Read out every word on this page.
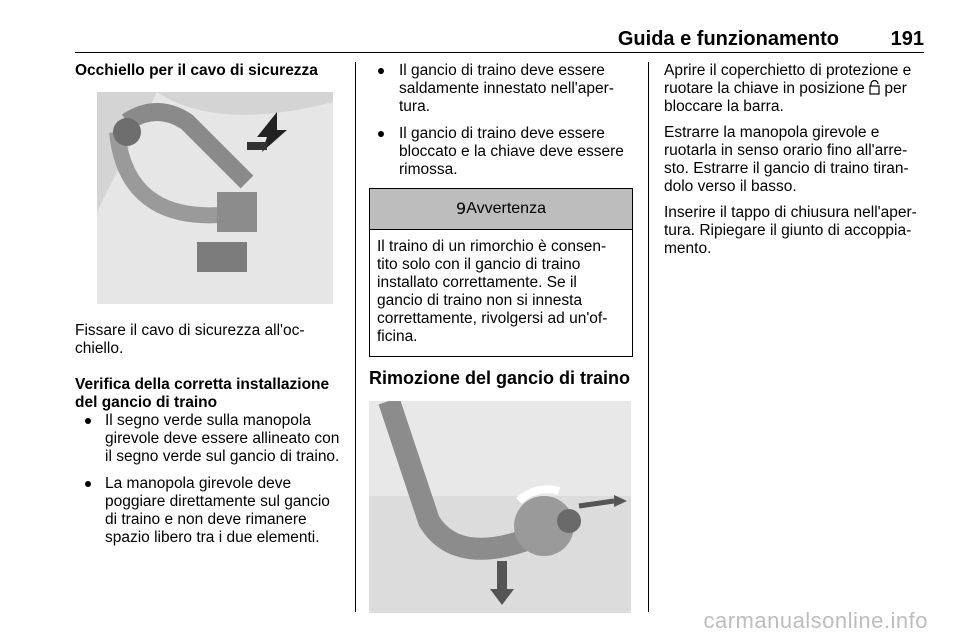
Guida e funzionamento	191

Occhiello per il cavo di sicurezza

Fissare il cavo di sicurezza all'oc-chiello.

Verifica della corretta installazione del gancio di traino

Il segno verde sulla manopola girevole deve essere allineato con il segno verde sul gancio di traino.
La manopola girevole deve poggiare direttamente sul gancio di traino e non deve rimanere spazio libero tra i due elementi.
Il gancio di traino deve essere saldamente innestato nell'aper-tura.
Il gancio di traino deve essere bloccato e la chiave deve essere rimossa.
9 Avvertenza
Il traino di un rimorchio è consen-tito solo con il gancio di traino installato correttamente. Se il gancio di traino non si innesta correttamente, rivolgersi ad un'of-ficina.

Rimozione del gancio di traino

Aprire il coperchietto di protezione e ruotare la chiave in posizione per bloccare la barra.

Estrarre la manopola girevole e ruotarla in senso orario fino all'arre-sto. Estrarre il gancio di traino tiran-dolo verso il basso.

Inserire il tappo di chiusura nell'aper-tura. Ripiegare il giunto di accoppia-mento.

carmanualsonline.info
